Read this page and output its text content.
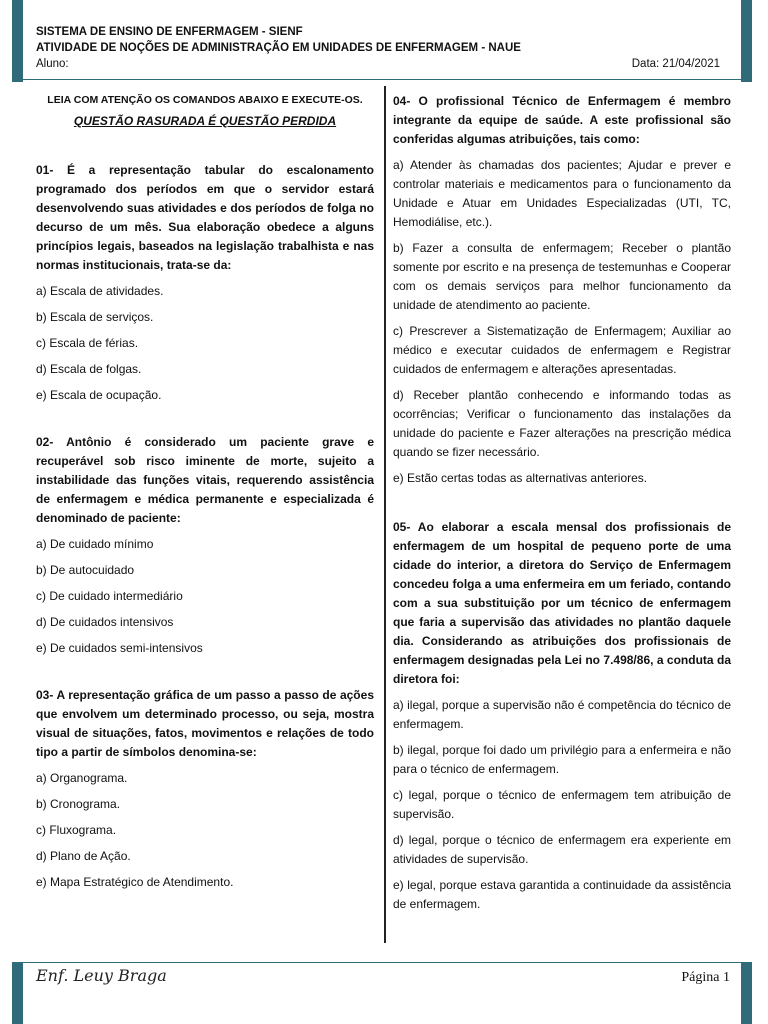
SISTEMA DE ENSINO DE ENFERMAGEM - SIENF
ATIVIDADE DE NOÇÕES DE ADMINISTRAÇÃO EM UNIDADES DE ENFERMAGEM - NAUE
Aluno:	Data: 21/04/2021

LEIA COM ATENÇÃO OS COMANDOS ABAIXO E EXECUTE-OS.

QUESTÃO RASURADA É QUESTÃO PERDIDA

01- É a representação tabular do escalonamento programado dos períodos em que o servidor estará desenvolvendo suas atividades e dos períodos de folga no decurso de um mês. Sua elaboração obedece a alguns princípios legais, baseados na legislação trabalhista e nas normas institucionais, trata-se da:

a) Escala de atividades.

b) Escala de serviços.

c) Escala de férias.

d) Escala de folgas.

e) Escala de ocupação.

02- Antônio é considerado um paciente grave e recuperável sob risco iminente de morte, sujeito a instabilidade das funções vitais, requerendo assistência de enfermagem e médica permanente e especializada é denominado de paciente:

a) De cuidado mínimo

b) De autocuidado

c) De cuidado intermediário

d) De cuidados intensivos

e) De cuidados semi-intensivos

03- A representação gráfica de um passo a passo de ações que envolvem um determinado processo, ou seja, mostra visual de situações, fatos, movimentos e relações de todo tipo a partir de símbolos denomina-se:

a) Organograma.

b) Cronograma.

c) Fluxograma.

d) Plano de Ação.

e) Mapa Estratégico de Atendimento.

04- O profissional Técnico de Enfermagem é membro integrante da equipe de saúde. A este profissional são conferidas algumas atribuições, tais como:

a) Atender às chamadas dos pacientes; Ajudar e prever e controlar materiais e medicamentos para o funcionamento da Unidade e Atuar em Unidades Especializadas (UTI, TC, Hemodiálise, etc.).

b) Fazer a consulta de enfermagem; Receber o plantão somente por escrito e na presença de testemunhas e Cooperar com os demais serviços para melhor funcionamento da unidade de atendimento ao paciente.

c) Prescrever a Sistematização de Enfermagem; Auxiliar ao médico e executar cuidados de enfermagem e Registrar cuidados de enfermagem e alterações apresentadas.

d) Receber plantão conhecendo e informando todas as ocorrências; Verificar o funcionamento das instalações da unidade do paciente e Fazer alterações na prescrição médica quando se fizer necessário.

e) Estão certas todas as alternativas anteriores.

05- Ao elaborar a escala mensal dos profissionais de enfermagem de um hospital de pequeno porte de uma cidade do interior, a diretora do Serviço de Enfermagem concedeu folga a uma enfermeira em um feriado, contando com a sua substituição por um técnico de enfermagem que faria a supervisão das atividades no plantão daquele dia. Considerando as atribuições dos profissionais de enfermagem designadas pela Lei no 7.498/86, a conduta da diretora foi:

a) ilegal, porque a supervisão não é competência do técnico de enfermagem.

b) ilegal, porque foi dado um privilégio para a enfermeira e não para o técnico de enfermagem.

c) legal, porque o técnico de enfermagem tem atribuição de supervisão.

d) legal, porque o técnico de enfermagem era experiente em atividades de supervisão.

e) legal, porque estava garantida a continuidade da assistência de enfermagem.

Enf. Leuy Braga	Página 1
